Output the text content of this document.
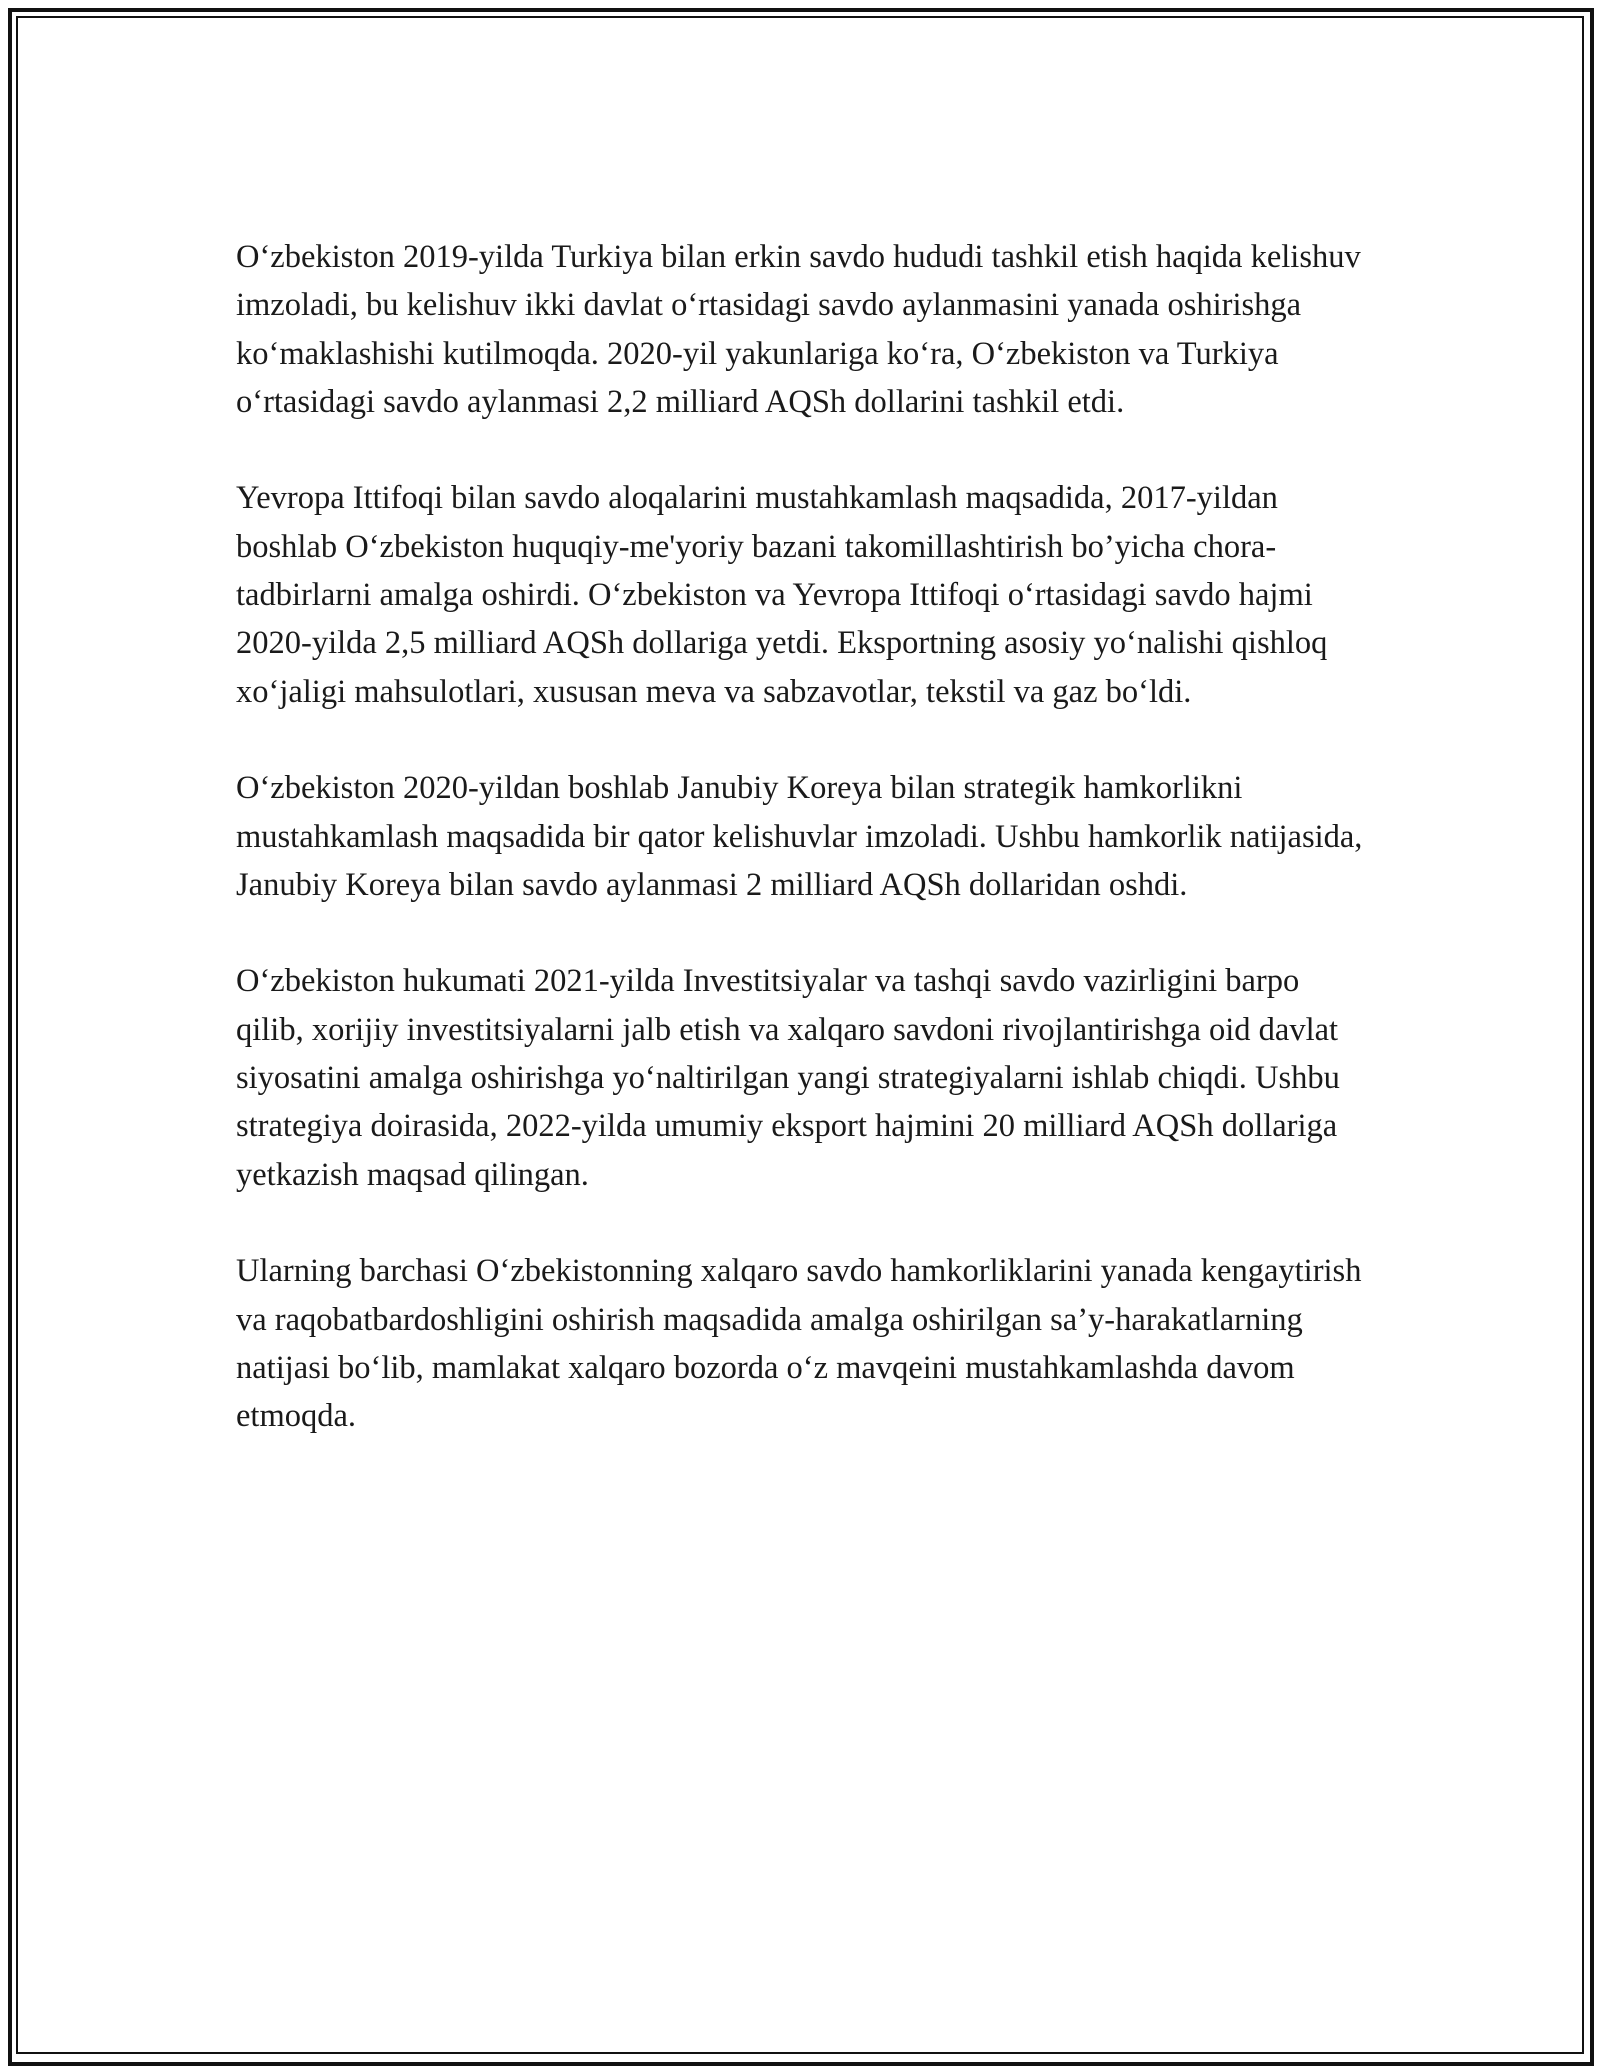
O‘zbekiston 2019-yilda Turkiya bilan erkin savdo hududi tashkil etish haqida kelishuv imzoladi, bu kelishuv ikki davlat o‘rtasidagi savdo aylanmasini yanada oshirishga ko‘maklashishi kutilmoqda. 2020-yil yakunlariga ko‘ra, O‘zbekiston va Turkiya o‘rtasidagi savdo aylanmasi 2,2 milliard AQSh dollarini tashkil etdi.

Yevropa Ittifoqi bilan savdo aloqalarini mustahkamlash maqsadida, 2017-yildan boshlab O‘zbekiston huquqiy-me'yoriy bazani takomillashtirish bo’yicha chora-tadbirlarni amalga oshirdi. O‘zbekiston va Yevropa Ittifoqi o‘rtasidagi savdo hajmi 2020-yilda 2,5 milliard AQSh dollariga yetdi. Eksportning asosiy yo‘nalishi qishloq xo‘jaligi mahsulotlari, xususan meva va sabzavotlar, tekstil va gaz bo‘ldi.

O‘zbekiston 2020-yildan boshlab Janubiy Koreya bilan strategik hamkorlikni mustahkamlash maqsadida bir qator kelishuvlar imzoladi. Ushbu hamkorlik natijasida, Janubiy Koreya bilan savdo aylanmasi 2 milliard AQSh dollaridan oshdi.

O‘zbekiston hukumati 2021-yilda Investitsiyalar va tashqi savdo vazirligini barpo qilib, xorijiy investitsiyalarni jalb etish va xalqaro savdoni rivojlantirishga oid davlat siyosatini amalga oshirishga yo‘naltirilgan yangi strategiyalarni ishlab chiqdi. Ushbu strategiya doirasida, 2022-yilda umumiy eksport hajmini 20 milliard AQSh dollariga yetkazish maqsad qilingan.

Ularning barchasi O‘zbekistonning xalqaro savdo hamkorliklarini yanada kengaytirish va raqobatbardoshligini oshirish maqsadida amalga oshirilgan sa’y-harakatlarning natijasi bo‘lib, mamlakat xalqaro bozorda o‘z mavqeini mustahkamlashda davom etmoqda.
